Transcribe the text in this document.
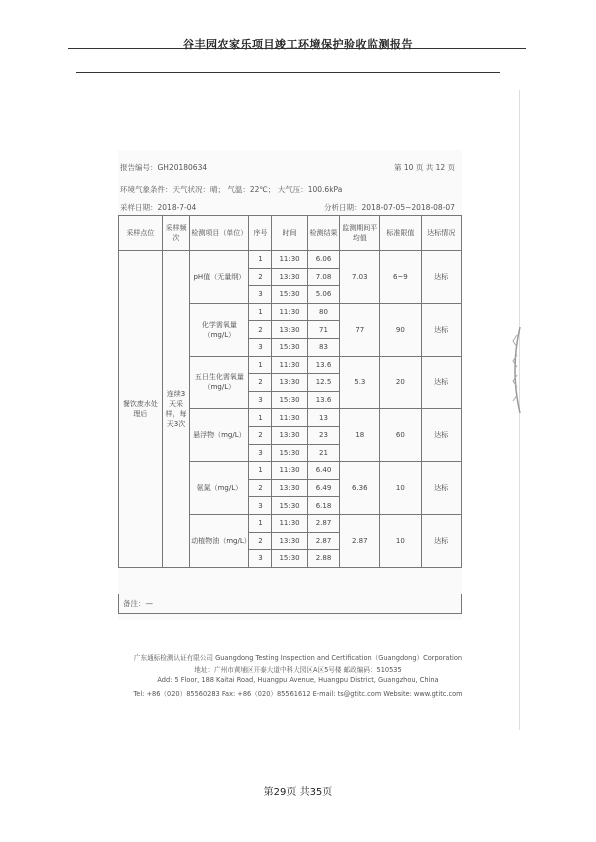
谷丰园农家乐项目竣工环境保护验收监测报告
报告编号：GH20180634	第 10 页 共 12 页
环境气象条件：天气状况：晴； 气温：22℃； 大气压：100.6kPa
采样日期：2018-7-04	分析日期：2018-07-05~2018-08-07
采样点位	采样频次	检测项目（单位）	序号	时间	检测结果	监测期间平均值	标准限值	达标情况
餐饮废水处理后	连续3天采样，每天3次	pH值（无量纲）	1	11:30	6.06	7.03	6~9	达标
			2	13:30	7.08			
			3	15:30	5.06			
		化学需氧量（mg/L）	1	11:30	80	77	90	达标
			2	13:30	71			
			3	15:30	83			
		五日生化需氧量（mg/L）	1	11:30	13.6	5.3	20	达标
			2	13:30	12.5			
			3	15:30	13.6			
		悬浮物（mg/L）	1	11:30	13	18	60	达标
			2	13:30	23			
			3	15:30	21			
		氨氮（mg/L）	1	11:30	6.40	6.36	10	达标
			2	13:30	6.49			
			3	15:30	6.18			
		动植物油（mg/L）	1	11:30	2.87	2.87	10	达标
			2	13:30	2.87			
			3	15:30	2.88			
备注：—
广东通标检测认证有限公司 Guangdong Testing Inspection and Certification（Guangdong）Corporation
地址：广州市黄埔区开泰大道中科大园区A区5号楼 邮政编码：510535
Add: 5 Floor, 188 Kaitai Road, Huangpu Avenue, Huangpu District, Guangzhou, China
Tel: +86（020）85560283 Fax: +86（020）85561612 E-mail: ts@gtitc.com Website: www.gtitc.com
第29页 共35页
